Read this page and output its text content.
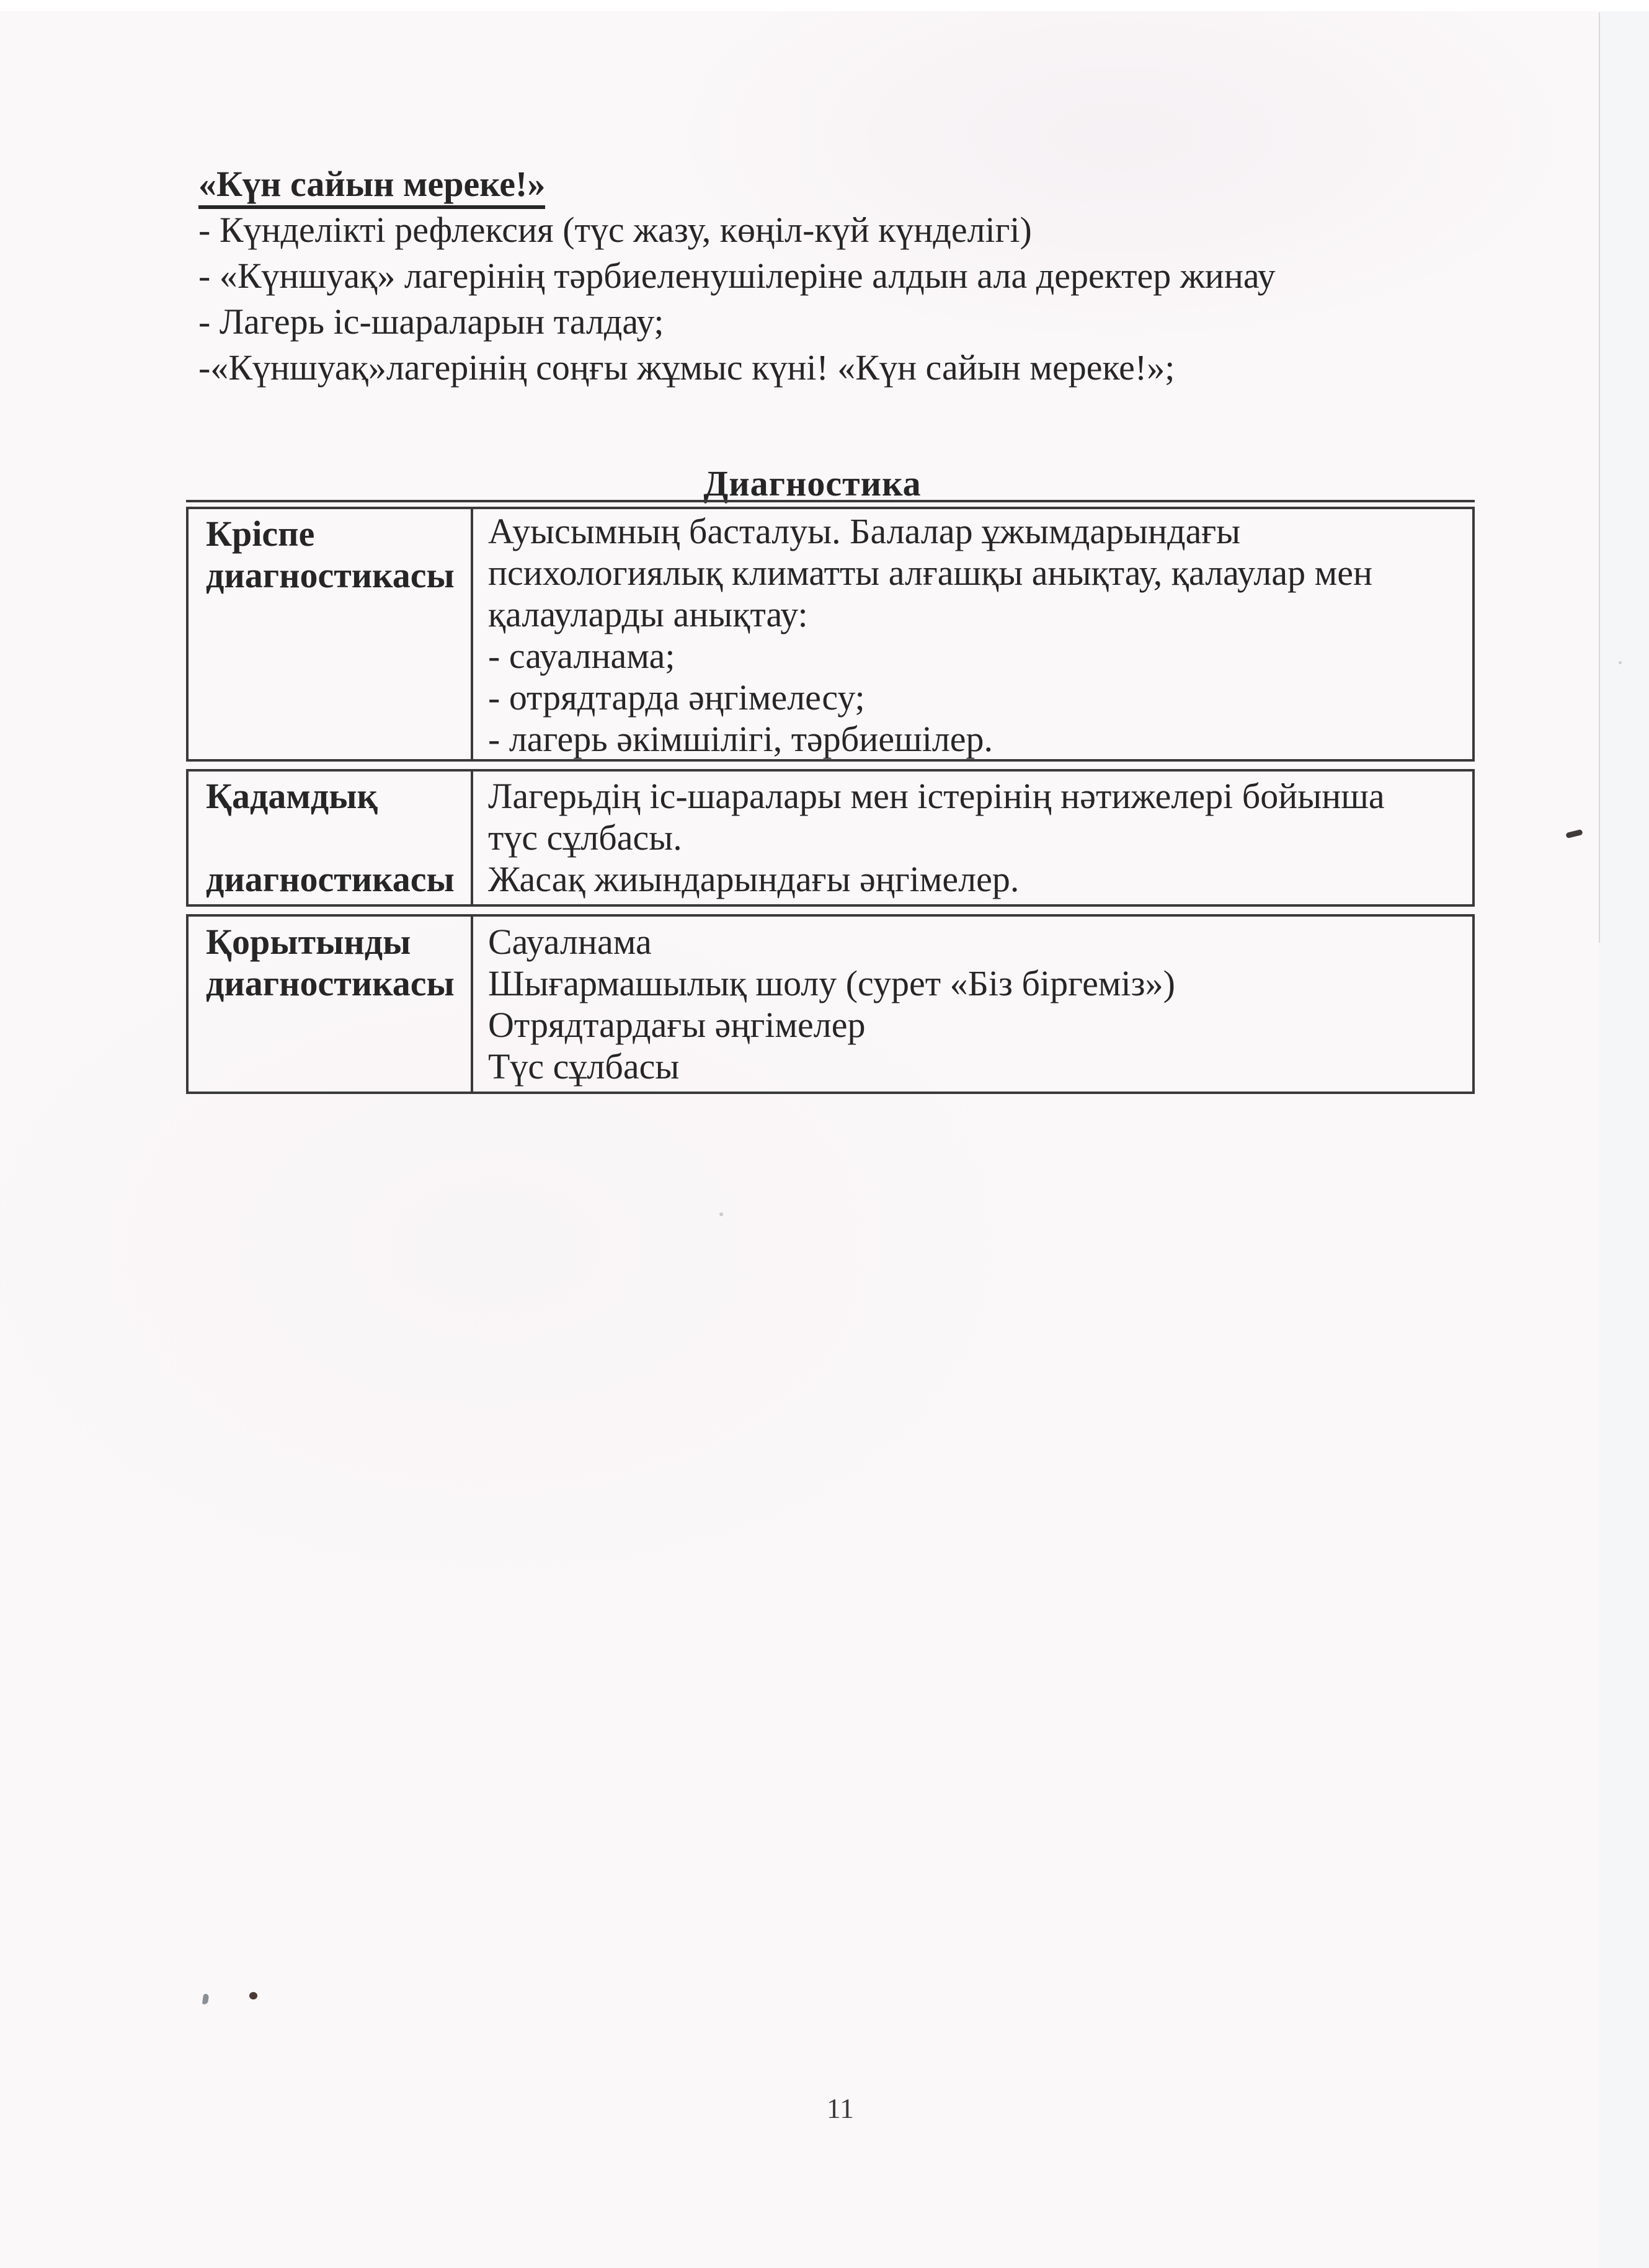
«Күн сайын мереке!»
- Күнделікті рефлексия (түс жазу, көңіл-күй күнделігі)
- «Күншуақ» лагерінің тәрбиеленушілеріне алдын ала деректер жинау
- Лагерь іс-шараларын талдау;
-«Күншуақ»лагерінің соңғы жұмыс күні! «Күн сайын мереке!»;
Диагностика
Кріспе
диагностикасы
Ауысымның басталуы. Балалар ұжымдарындағы
психологиялық климатты алғашқы анықтау, қалаулар мен
қалауларды анықтау:
- сауалнама;
- отрядтарда әңгімелесу;
- лагерь әкімшілігі, тәрбиешілер.
Қадамдық
диагностикасы
Лагерьдің іс-шаралары мен істерінің нәтижелері бойынша
түс сұлбасы.
Жасақ жиындарындағы әңгімелер.
Қорытынды
диагностикасы
Сауалнама
Шығармашылық шолу (сурет «Біз біргеміз»)
Отрядтардағы әңгімелер
Түс сұлбасы
11
